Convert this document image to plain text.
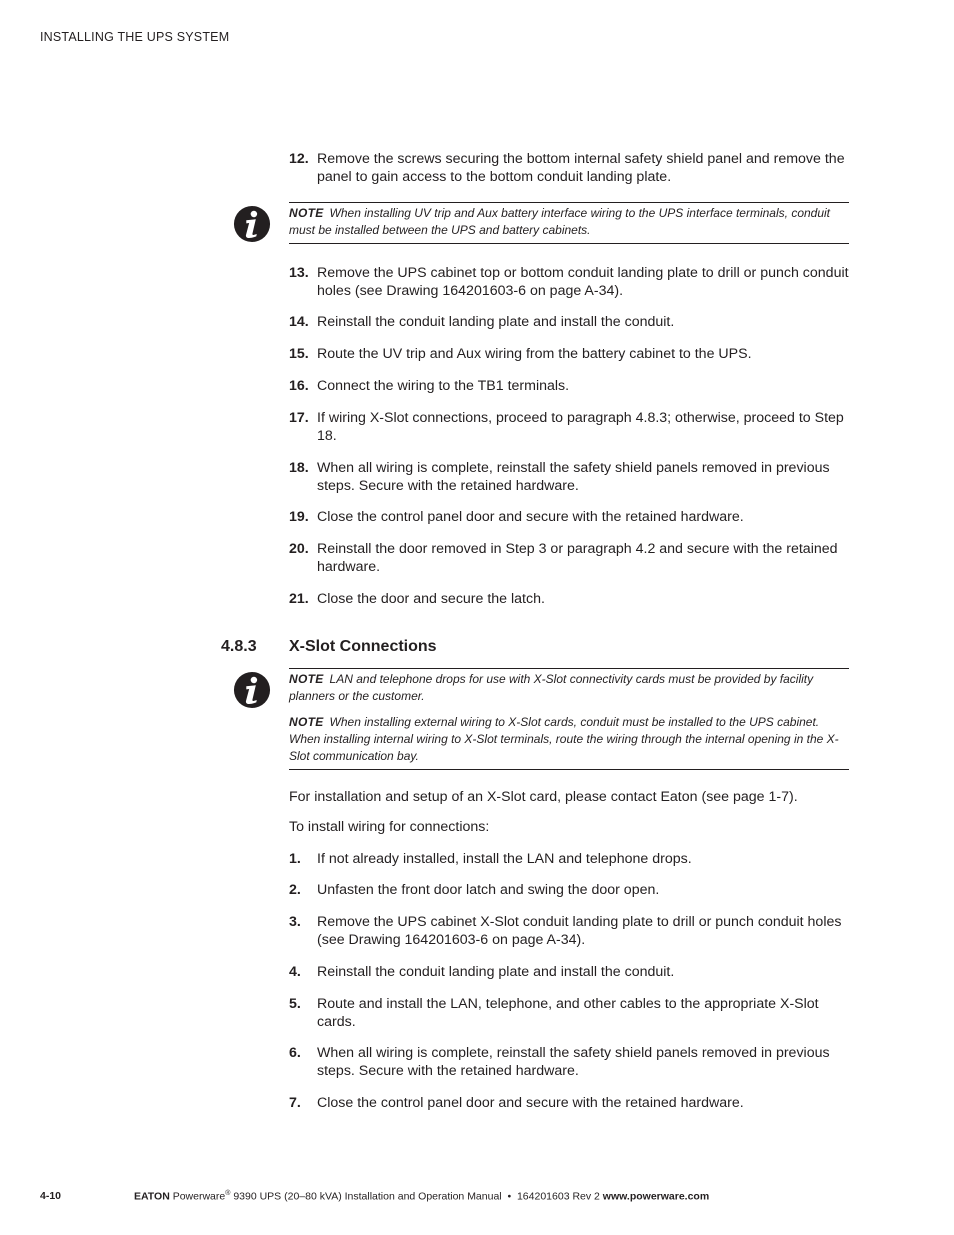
INSTALLING THE UPS SYSTEM
12. Remove the screws securing the bottom internal safety shield panel and remove the panel to gain access to the bottom conduit landing plate.
NOTE When installing UV trip and Aux battery interface wiring to the UPS interface terminals, conduit must be installed between the UPS and battery cabinets.
13. Remove the UPS cabinet top or bottom conduit landing plate to drill or punch conduit holes (see Drawing 164201603-6 on page A-34).
14. Reinstall the conduit landing plate and install the conduit.
15. Route the UV trip and Aux wiring from the battery cabinet to the UPS.
16. Connect the wiring to the TB1 terminals.
17. If wiring X-Slot connections, proceed to paragraph 4.8.3; otherwise, proceed to Step 18.
18. When all wiring is complete, reinstall the safety shield panels removed in previous steps. Secure with the retained hardware.
19. Close the control panel door and secure with the retained hardware.
20. Reinstall the door removed in Step 3 or paragraph 4.2 and secure with the retained hardware.
21. Close the door and secure the latch.
4.8.3 X-Slot Connections
NOTE LAN and telephone drops for use with X-Slot connectivity cards must be provided by facility planners or the customer.
NOTE When installing external wiring to X-Slot cards, conduit must be installed to the UPS cabinet. When installing internal wiring to X-Slot terminals, route the wiring through the internal opening in the X-Slot communication bay.
For installation and setup of an X-Slot card, please contact Eaton (see page 1-7).
To install wiring for connections:
1.	If not already installed, install the LAN and telephone drops.
2.	Unfasten the front door latch and swing the door open.
3.	Remove the UPS cabinet X-Slot conduit landing plate to drill or punch conduit holes (see Drawing 164201603-6 on page A-34).
4.	Reinstall the conduit landing plate and install the conduit.
5.	Route and install the LAN, telephone, and other cables to the appropriate X-Slot cards.
6.	When all wiring is complete, reinstall the safety shield panels removed in previous steps. Secure with the retained hardware.
7.	Close the control panel door and secure with the retained hardware.
4-10	EATON Powerware® 9390 UPS (20–80 kVA) Installation and Operation Manual  •  164201603 Rev 2 www.powerware.com
